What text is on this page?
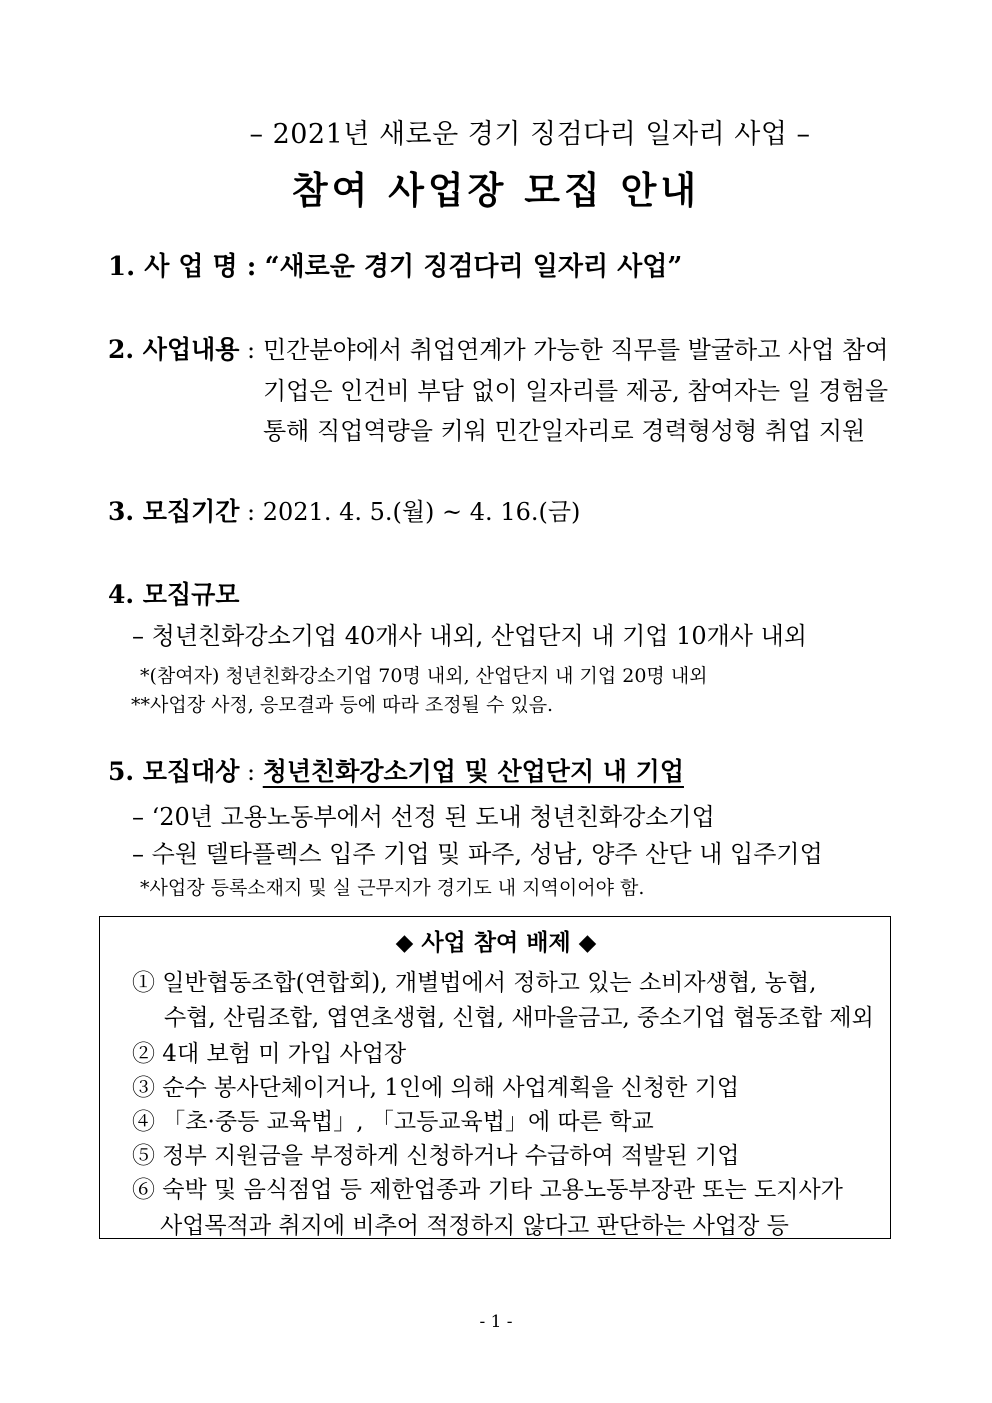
– 2021년 새로운 경기 징검다리 일자리 사업 –
참여 사업장 모집 안내
1. 사 업 명 : “새로운 경기 징검다리 일자리 사업”
2. 사업내용 : 민간분야에서 취업연계가 가능한 직무를 발굴하고 사업 참여
기업은 인건비 부담 없이 일자리를 제공, 참여자는 일 경험을
통해 직업역량을 키워 민간일자리로 경력형성형 취업 지원
3. 모집기간 : 2021. 4. 5.(월) ~ 4. 16.(금)
4. 모집규모
– 청년친화강소기업 40개사 내외, 산업단지 내 기업 10개사 내외
*(참여자) 청년친화강소기업 70명 내외, 산업단지 내 기업 20명 내외
**사업장 사정, 응모결과 등에 따라 조정될 수 있음.
5. 모집대상 : 청년친화강소기업 및 산업단지 내 기업
– ‘20년 고용노동부에서 선정 된 도내 청년친화강소기업
– 수원 델타플렉스 입주 기업 및 파주, 성남, 양주 산단 내 입주기업
*사업장 등록소재지 및 실 근무지가 경기도 내 지역이어야 함.
◆ 사업 참여 배제 ◆
① 일반협동조합(연합회), 개별법에서 정하고 있는 소비자생협, 농협,
수협, 산림조합, 엽연초생협, 신협, 새마을금고, 중소기업 협동조합 제외
② 4대 보험 미 가입 사업장
③ 순수 봉사단체이거나, 1인에 의해 사업계획을 신청한 기업
④ 「초·중등 교육법」, 「고등교육법」에 따른 학교
⑤ 정부 지원금을 부정하게 신청하거나 수급하여 적발된 기업
⑥ 숙박 및 음식점업 등 제한업종과 기타 고용노동부장관 또는 도지사가
사업목적과 취지에 비추어 적정하지 않다고 판단하는 사업장 등
- 1 -
